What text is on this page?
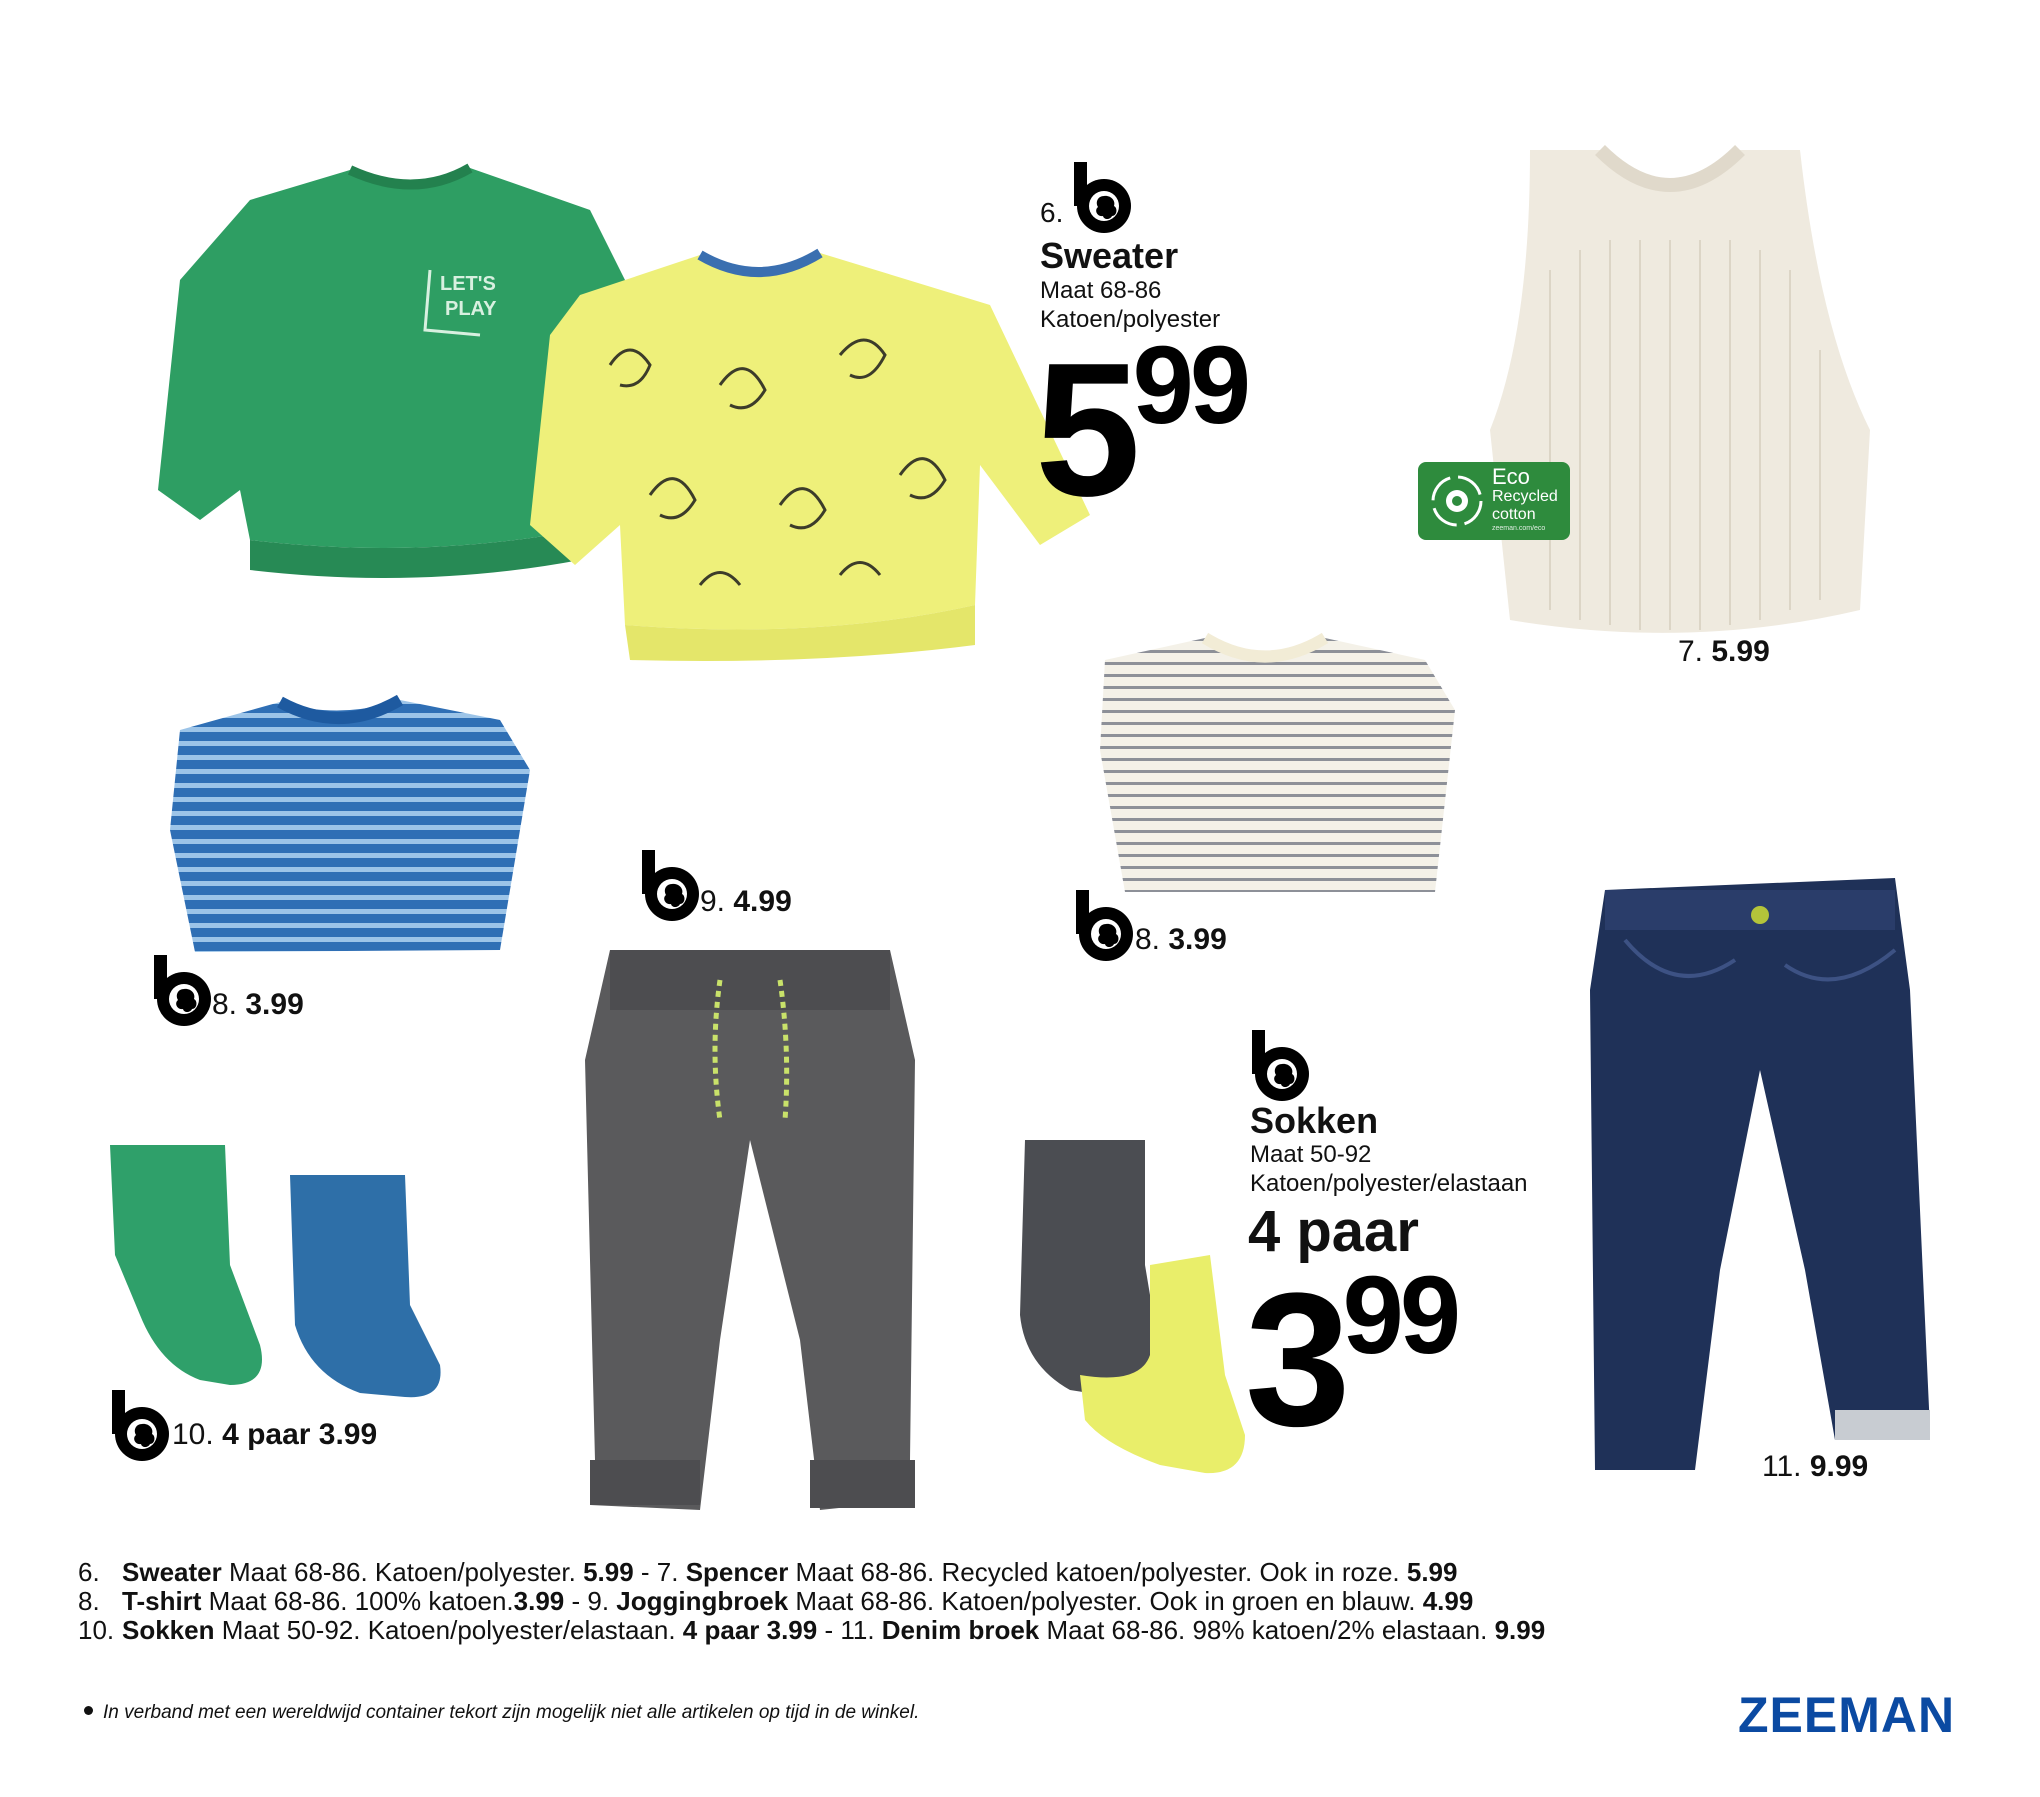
LET'S
PLAY
6.
Sweater
Maat 68-86
Katoen/polyester
599
Eco
Recycled
cotton
zeeman.com/eco
7. 5.99
8. 3.99
9. 4.99
8. 3.99
10. 4 paar 3.99
11. 9.99
Sokken
Maat 50-92
Katoen/polyester/elastaan
4 paar
399
6. Sweater Maat 68-86. Katoen/polyester. 5.99 - 7. Spencer Maat 68-86. Recycled katoen/polyester. Ook in roze. 5.99
8. T-shirt Maat 68-86. 100% katoen.3.99 - 9. Joggingbroek Maat 68-86. Katoen/polyester. Ook in groen en blauw. 4.99
10. Sokken Maat 50-92. Katoen/polyester/elastaan. 4 paar 3.99 - 11. Denim broek Maat 68-86. 98% katoen/2% elastaan. 9.99
In verband met een wereldwijd container tekort zijn mogelijk niet alle artikelen op tijd in de winkel.	ZEEMAN
